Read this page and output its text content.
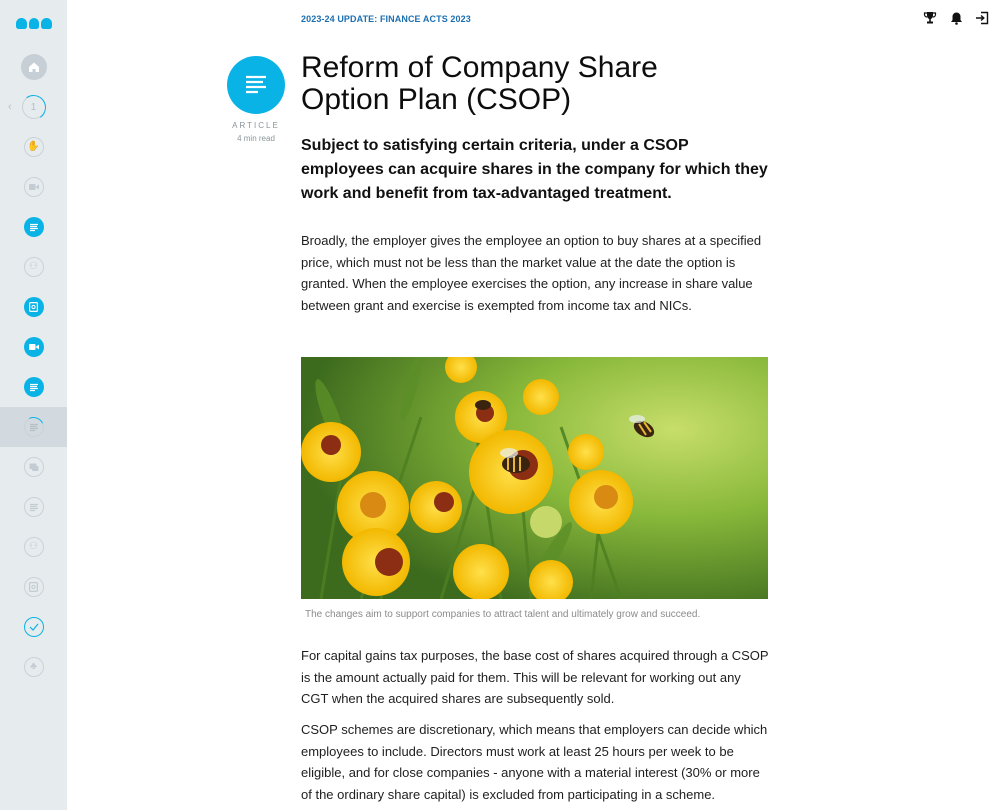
‹ 1
✋
⚇
⚇
♣
2023-24 UPDATE: FINANCE ACTS 2023
ARTICLE
4 min read
Reform of Company Share
Option Plan (CSOP)

Subject to satisfying certain criteria, under a CSOP employees can acquire shares in the company for which they work and benefit from tax-advantaged treatment.

Broadly, the employer gives the employee an option to buy shares at a specified price, which must not be less than the market value at the date the option is granted. When the employee exercises the option, any increase in share value between grant and exercise is exempted from income tax and NICs.

The changes aim to support companies to attract talent and ultimately grow and succeed.

For capital gains tax purposes, the base cost of shares acquired through a CSOP is the amount actually paid for them. This will be relevant for working out any CGT when the acquired shares are subsequently sold.

CSOP schemes are discretionary, which means that employers can decide which employees to include. Directors must work at least 25 hours per week to be eligible, and for close companies - anyone with a material interest (30% or more of the ordinary share capital) is excluded from participating in a scheme.
